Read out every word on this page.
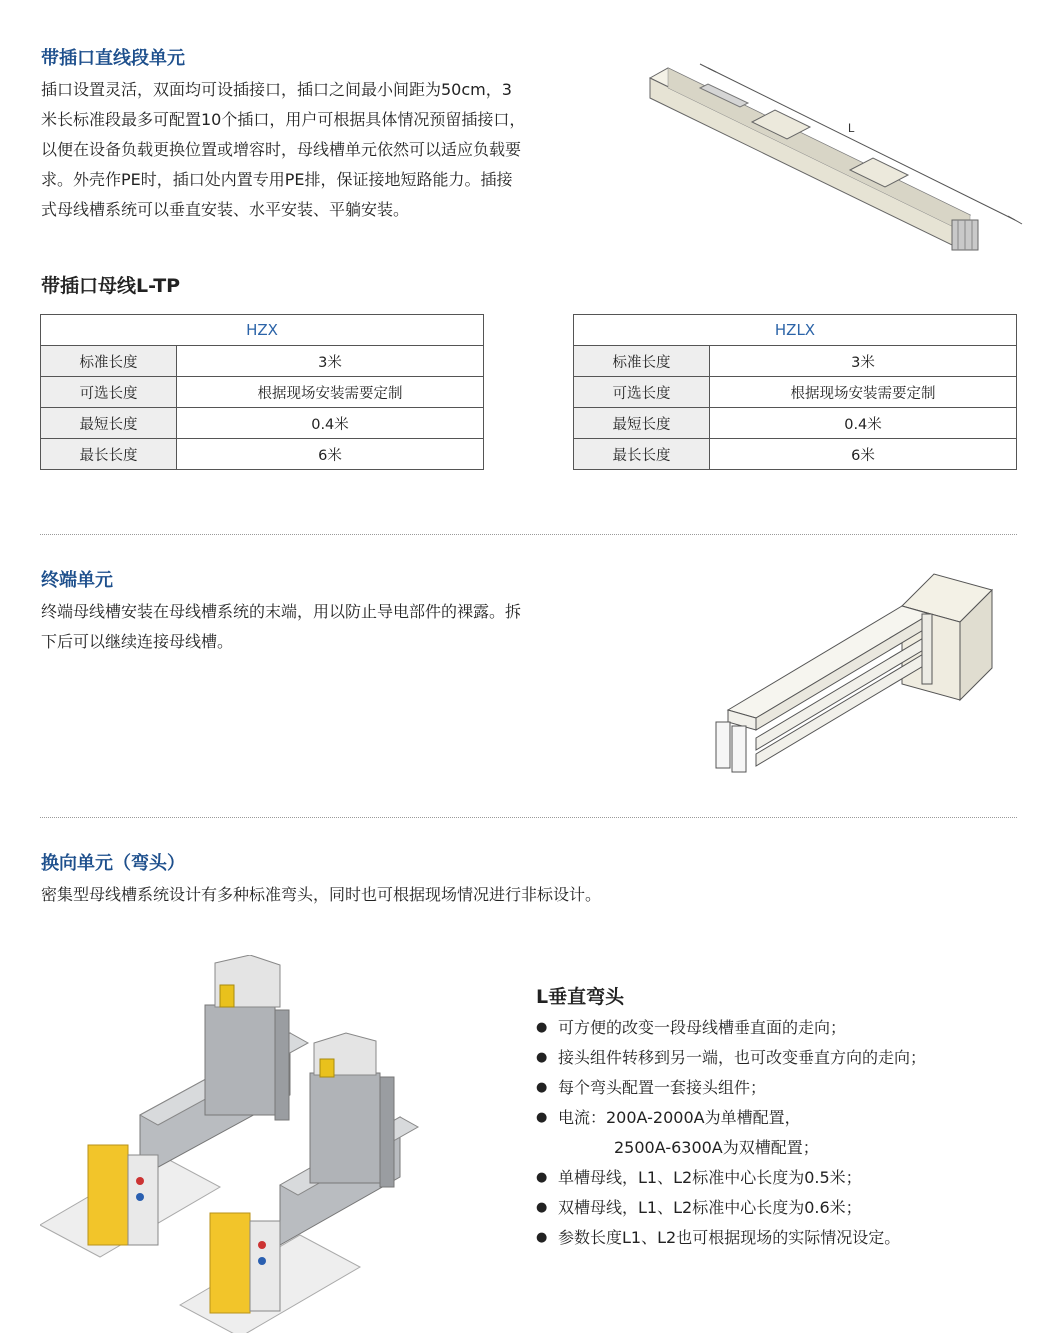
带插口直线段单元
插口设置灵活，双面均可设插接口，插口之间最小间距为50cm，3
米长标准段最多可配置10个插口，用户可根据具体情况预留插接口，
以便在设备负载更换位置或增容时，母线槽单元依然可以适应负载要
求。外壳作PE时，插口处内置专用PE排，保证接地短路能力。插接
式母线槽系统可以垂直安装、水平安装、平躺安装。
L
带插口母线L-TP
HZX	
标准长度	3米
可选长度	根据现场安装需要定制
最短长度	0.4米
最长长度	6米
HZLX	
标准长度	3米
可选长度	根据现场安装需要定制
最短长度	0.4米
最长长度	6米
终端单元
终端母线槽安装在母线槽系统的末端，用以防止导电部件的裸露。拆
下后可以继续连接母线槽。
换向单元（弯头）
密集型母线槽系统设计有多种标准弯头，同时也可根据现场情况进行非标设计。
L垂直弯头
● 可方便的改变一段母线槽垂直面的走向；
● 接头组件转移到另一端，也可改变垂直方向的走向；
● 每个弯头配置一套接头组件；
● 电流：200A-2000A为单槽配置，
2500A-6300A为双槽配置；
● 单槽母线，L1、L2标准中心长度为0.5米；
● 双槽母线，L1、L2标准中心长度为0.6米；
● 参数长度L1、L2也可根据现场的实际情况设定。
